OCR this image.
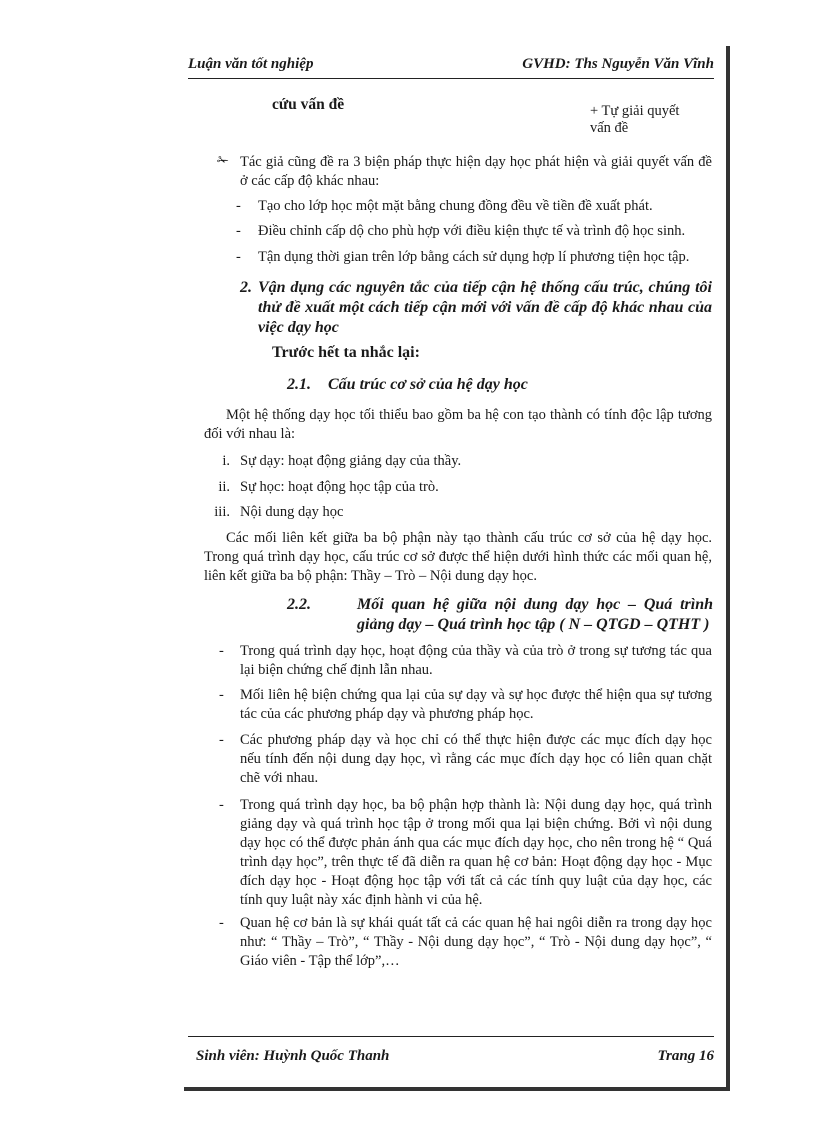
Luận văn tốt nghiệp	GVHD: Ths Nguyễn Văn Vĩnh
cứu vấn đề	+ Tự giải quyết
vấn đề
✁ Tác giả cũng đề ra 3 biện pháp thực hiện dạy học phát hiện và giải quyết vấn đề ở các cấp độ khác nhau:
- Tạo cho lớp học một mặt bằng chung đồng đều về tiền đề xuất phát.
- Điều chỉnh cấp dộ cho phù hợp với điều kiện thực tế và trình độ học sinh.
- Tận dụng thời gian trên lớp bằng cách sử dụng hợp lí phương tiện học tập.
2. Vận dụng các nguyên tắc của tiếp cận hệ thống cấu trúc, chúng tôi thử đề xuất một cách tiếp cận mới với vấn đề cấp độ khác nhau của việc dạy học
Trước hết ta nhắc lại:
2.1. Cấu trúc cơ sở của hệ dạy học
Một hệ thống dạy học tối thiểu bao gồm ba hệ con tạo thành có tính độc lập tương đối với nhau là:
i. Sự dạy: hoạt động giảng dạy của thầy.
ii. Sự học: hoạt động học tập của trò.
iii. Nội dung dạy học
Các mối liên kết giữa ba bộ phận này tạo thành cấu trúc cơ sở của hệ dạy học. Trong quá trình dạy học, cấu trúc cơ sở được thể hiện dưới hình thức các mối quan hệ, liên kết giữa ba bộ phận: Thầy – Trò – Nội dung dạy học.
2.2.	Mối quan hệ giữa nội dung dạy học – Quá trình
giảng dạy – Quá trình học tập ( N – QTGD – QTHT )
- Trong quá trình dạy học, hoạt động của thầy và của trò ở trong sự tương tác qua lại biện chứng chế định lẫn nhau.
- Mối liên hệ biện chứng qua lại của sự dạy và sự học được thể hiện qua sự tương tác của các phương pháp dạy và phương pháp học.
- Các phương pháp dạy và học chỉ có thể thực hiện được các mục đích dạy học nếu tính đến nội dung dạy học, vì rằng các mục đích dạy học có liên quan chặt chẽ với nhau.
- Trong quá trình dạy học, ba bộ phận hợp thành là: Nội dung dạy học, quá trình giảng dạy và quá trình học tập ở trong mối qua lại biện chứng. Bởi vì nội dung dạy học có thể được phản ánh qua các mục đích dạy học, cho nên trong hệ “ Quá trình dạy học”, trên thực tế đã diễn ra quan hệ cơ bản: Hoạt động dạy học - Mục đích dạy học - Hoạt động học tập với tất cả các tính quy luật của dạy học, các tính quy luật này xác định hành vi của hệ.
- Quan hệ cơ bản là sự khái quát tất cả các quan hệ hai ngôi diễn ra trong dạy học như: “ Thầy – Trò”, “ Thầy - Nội dung dạy học”, “ Trò - Nội dung dạy học”, “ Giáo viên - Tập thể lớp”,…
Sinh viên: Huỳnh Quốc Thanh	Trang 16
